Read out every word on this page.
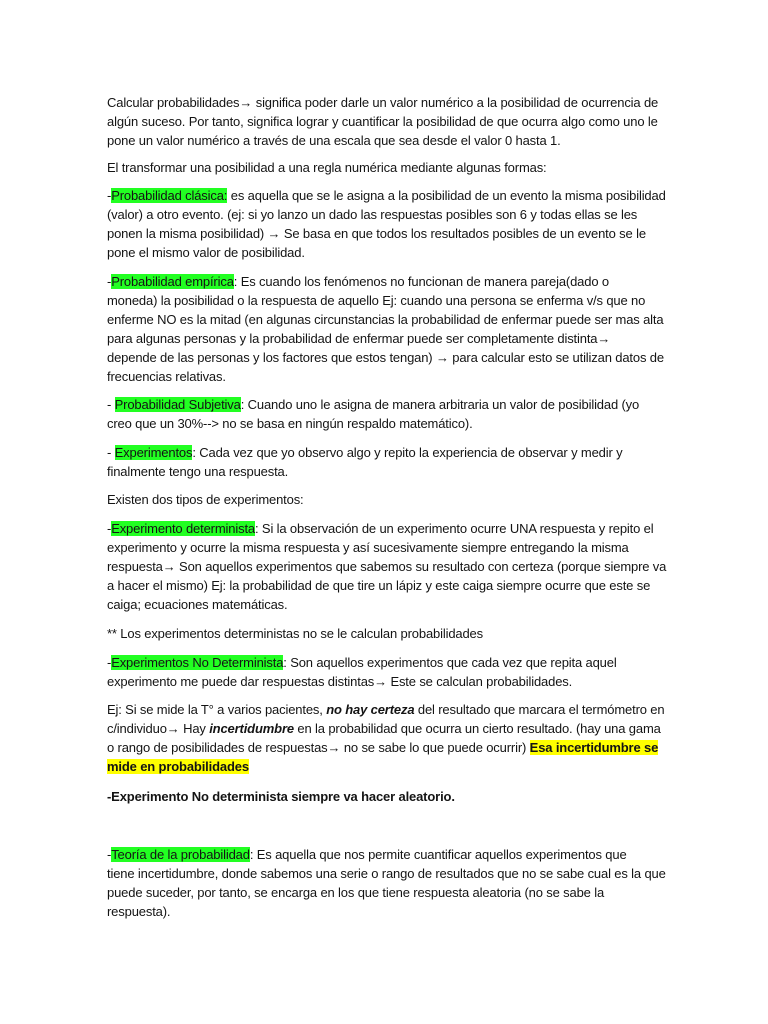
Calcular probabilidades→ significa poder darle un valor numérico a la posibilidad de ocurrencia de
algún suceso. Por tanto, significa lograr y cuantificar la posibilidad de que ocurra algo como uno le
pone un valor numérico a través de una escala que sea desde el valor 0 hasta 1.

El transformar una posibilidad a una regla numérica mediante algunas formas:

-Probabilidad clásica: es aquella que se le asigna a la posibilidad de un evento la misma posibilidad
(valor) a otro evento. (ej: si yo lanzo un dado las respuestas posibles son 6 y todas ellas se les
ponen la misma posibilidad) → Se basa en que todos los resultados posibles de un evento se le
pone el mismo valor de posibilidad.

-Probabilidad empírica: Es cuando los fenómenos no funcionan de manera pareja(dado o
moneda) la posibilidad o la respuesta de aquello Ej: cuando una persona se enferma v/s que no
enferme NO es la mitad (en algunas circunstancias la probabilidad de enfermar puede ser mas alta
para algunas personas y la probabilidad de enfermar puede ser completamente distinta→
depende de las personas y los factores que estos tengan) → para calcular esto se utilizan datos de
frecuencias relativas.

- Probabilidad Subjetiva: Cuando uno le asigna de manera arbitraria un valor de posibilidad (yo
creo que un 30%--> no se basa en ningún respaldo matemático).

- Experimentos: Cada vez que yo observo algo y repito la experiencia de observar y medir y
finalmente tengo una respuesta.

Existen dos tipos de experimentos:

-Experimento determinista: Si la observación de un experimento ocurre UNA respuesta y repito el
experimento y ocurre la misma respuesta y así sucesivamente siempre entregando la misma
respuesta→ Son aquellos experimentos que sabemos su resultado con certeza (porque siempre va
a hacer el mismo) Ej: la probabilidad de que tire un lápiz y este caiga siempre ocurre que este se
caiga; ecuaciones matemáticas.

** Los experimentos deterministas no se le calculan probabilidades

-Experimentos No Determinista: Son aquellos experimentos que cada vez que repita aquel
experimento me puede dar respuestas distintas→ Este se calculan probabilidades.

Ej: Si se mide la T° a varios pacientes, no hay certeza del resultado que marcara el termómetro en
c/individuo→ Hay incertidumbre en la probabilidad que ocurra un cierto resultado. (hay una gama
o rango de posibilidades de respuestas→ no se sabe lo que puede ocurrir) Esa incertidumbre se
mide en probabilidades

-Experimento No determinista siempre va hacer aleatorio.

-Teoría de la probabilidad: Es aquella que nos permite cuantificar aquellos experimentos que
tiene incertidumbre, donde sabemos una serie o rango de resultados que no se sabe cual es la que
puede suceder, por tanto, se encarga en los que tiene respuesta aleatoria (no se sabe la
respuesta).
